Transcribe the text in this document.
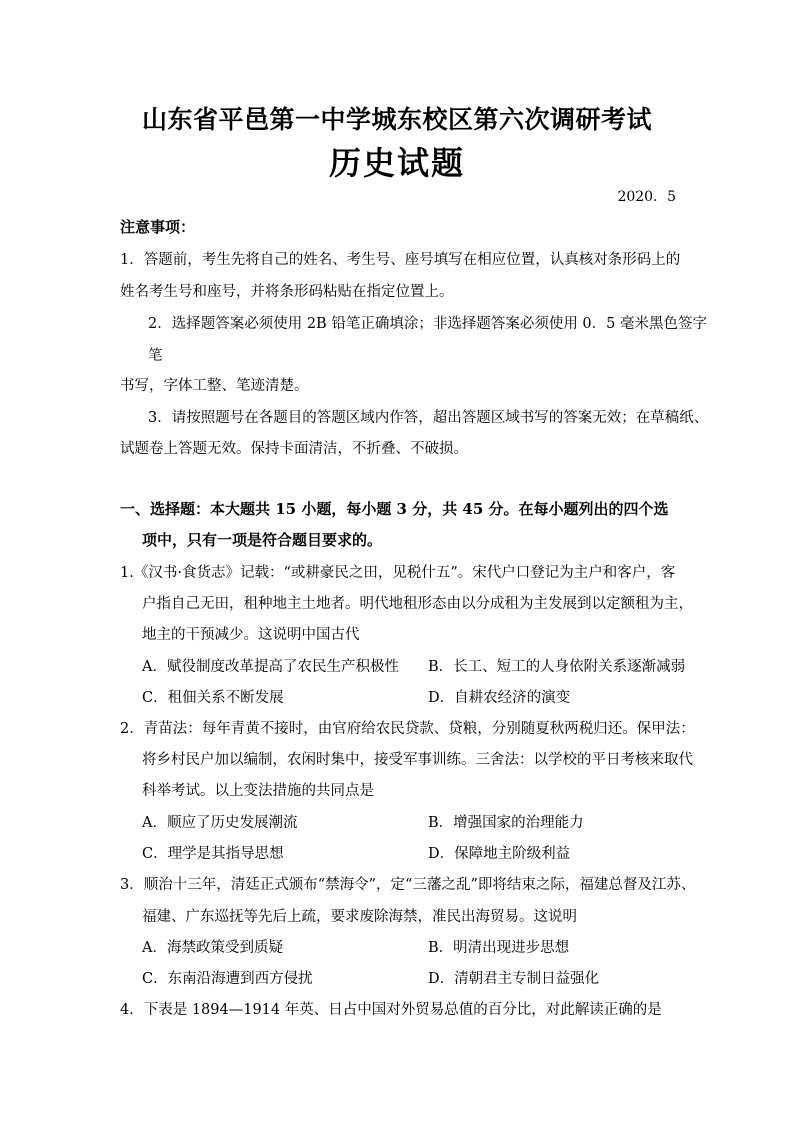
山东省平邑第一中学城东校区第六次调研考试
历史试题
2020．5
注意事项：
1．答题前，考生先将自己的姓名、考生号、座号填写在相应位置，认真核对条形码上的
姓名考生号和座号，并将条形码粘贴在指定位置上。
2．选择题答案必须使用 2B 铅笔正确填涂；非选择题答案必须使用 0．5 毫米黑色签字
笔
书写，字体工整、笔迹清楚。
3．请按照题号在各题目的答题区域内作答，超出答题区域书写的答案无效；在草稿纸、
试题卷上答题无效。保持卡面清洁，不折叠、不破损。
一、选择题：本大题共 15 小题，每小题 3 分，共 45 分。在每小题列出的四个选
项中，只有一项是符合题目要求的。
1.《汉书·食货志》记载：“或耕豪民之田，见税什五”。宋代户口登记为主户和客户，客
户指自己无田，租种地主土地者。明代地租形态由以分成租为主发展到以定额租为主，
地主的干预减少。这说明中国古代
A．赋役制度改革提高了农民生产积极性 B．长工、短工的人身依附关系逐渐减弱
C．租佃关系不断发展	D．自耕农经济的演变
2．青苗法：每年青黄不接时，由官府给农民贷款、贷粮，分别随夏秋两税归还。保甲法：
将乡村民户加以编制，农闲时集中，接受军事训练。三舍法：以学校的平日考核来取代
科举考试。以上变法措施的共同点是
A．顺应了历史发展潮流	B．增强国家的治理能力
C．理学是其指导思想	D．保障地主阶级利益
3．顺治十三年，清廷正式颁布“禁海令”，定“三藩之乱”即将结束之际，福建总督及江苏、
福建、广东巡抚等先后上疏，要求废除海禁，准民出海贸易。这说明
A．海禁政策受到质疑	B．明清出现进步思想
C．东南沿海遭到西方侵扰	D．清朝君主专制日益强化
4．下表是 1894—1914 年英、日占中国对外贸易总值的百分比，对此解读正确的是
